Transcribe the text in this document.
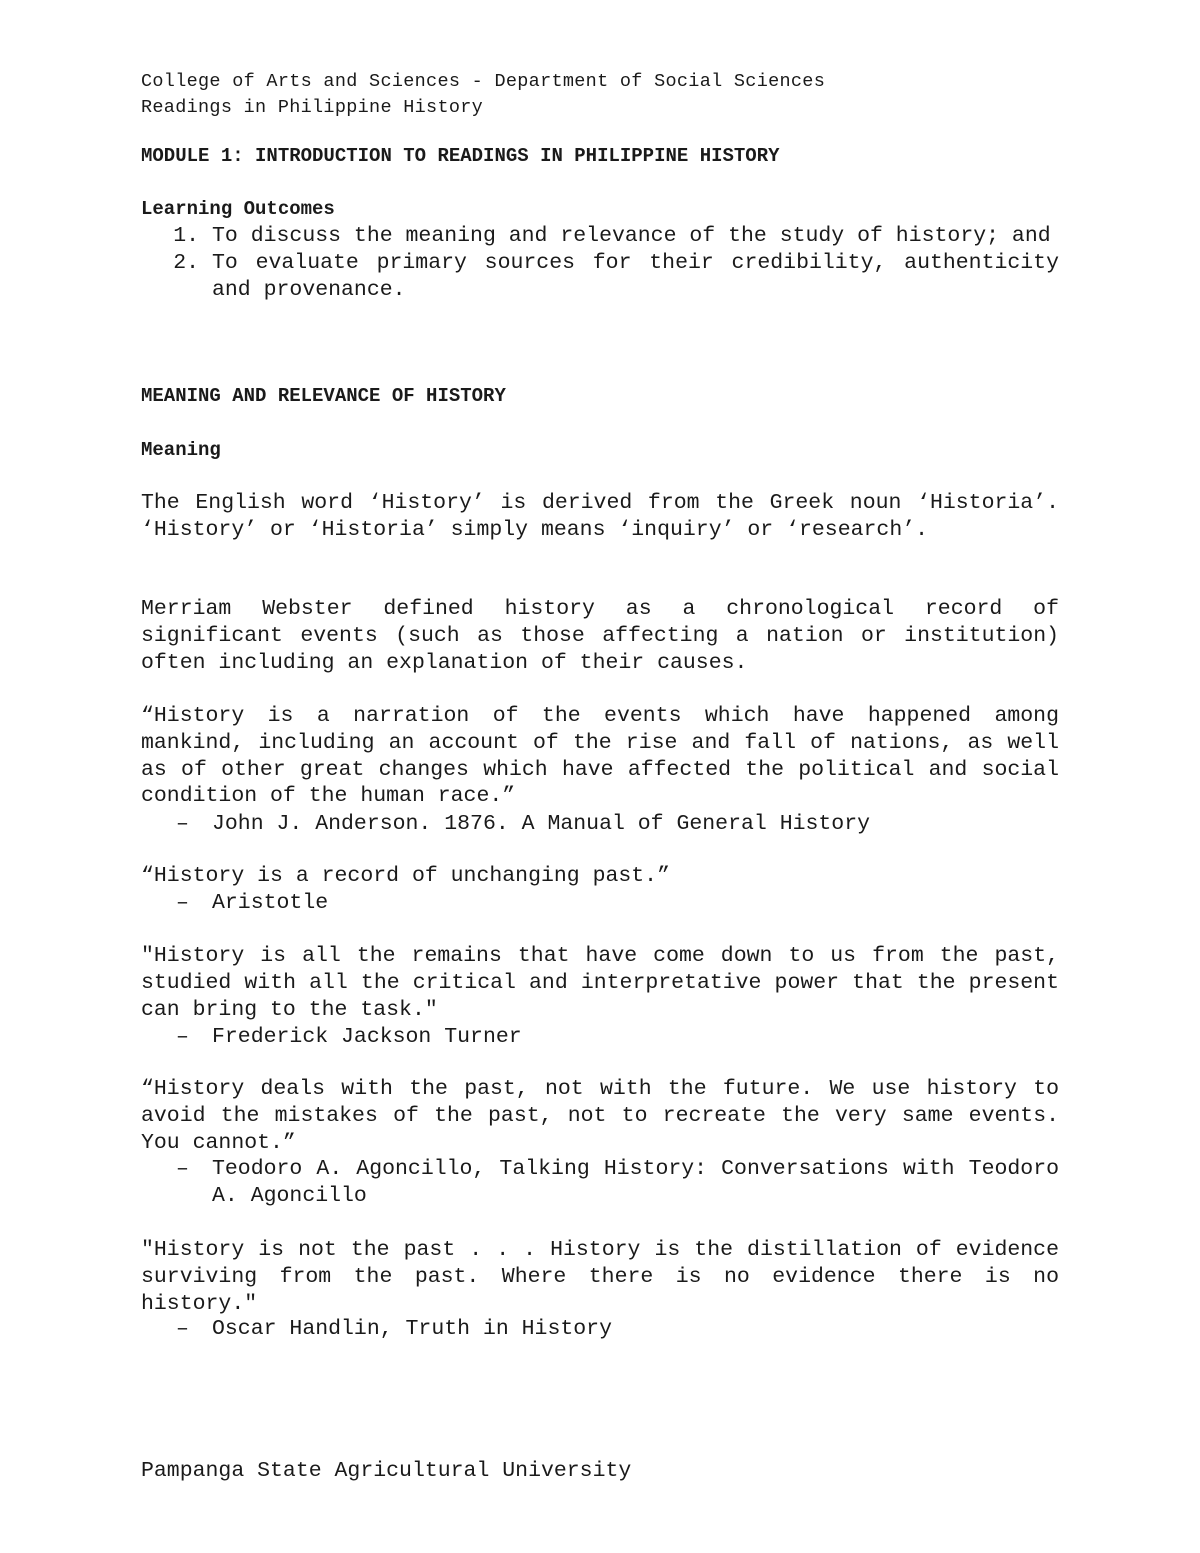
College of Arts and Sciences - Department of Social Sciences
Readings in Philippine History
MODULE 1: INTRODUCTION TO READINGS IN PHILIPPINE HISTORY
Learning Outcomes
1. To discuss the meaning and relevance of the study of history; and
2. To evaluate primary sources for their credibility, authenticity and provenance.
MEANING AND RELEVANCE OF HISTORY
Meaning
The English word ‘History’ is derived from the Greek noun ‘Historia’. ‘History’ or ‘Historia’ simply means ‘inquiry’ or ‘research’.
Merriam Webster defined history as a chronological record of significant events (such as those affecting a nation or institution) often including an explanation of their causes.
“History is a narration of the events which have happened among mankind, including an account of the rise and fall of nations, as well as of other great changes which have affected the political and social condition of the human race.”
–	John J. Anderson. 1876. A Manual of General History
“History is a record of unchanging past.”
–	Aristotle
"History is all the remains that have come down to us from the past, studied with all the critical and interpretative power that the present can bring to the task."
–	Frederick Jackson Turner
“History deals with the past, not with the future. We use history to avoid the mistakes of the past, not to recreate the very same events. You cannot.”
–	Teodoro A. Agoncillo, Talking History: Conversations with Teodoro A. Agoncillo
"History is not the past . . . History is the distillation of evidence surviving from the past. Where there is no evidence there is no history."
–	Oscar Handlin, Truth in History
Pampanga State Agricultural University
